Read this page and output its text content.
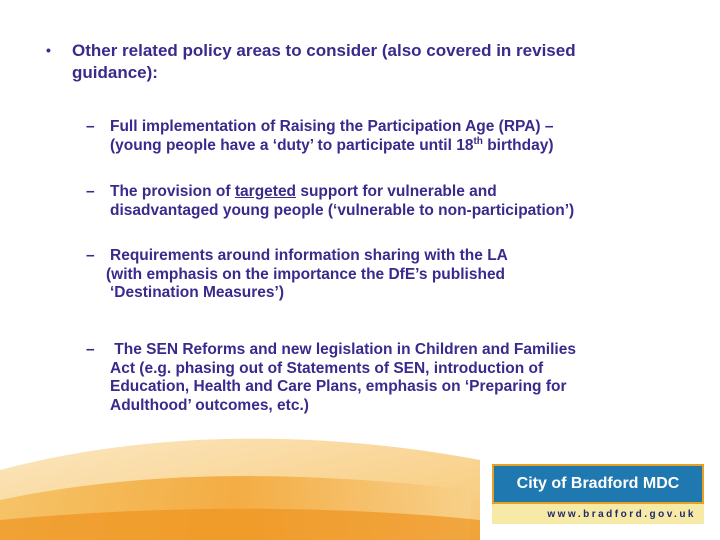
• Other related policy areas to consider (also covered in revised
guidance):
– Full implementation of Raising the Participation Age (RPA) –
(young people have a ‘duty’ to participate until 18th birthday)
– The provision of targeted support for vulnerable and
disadvantaged young people (‘vulnerable to non-participation’)
– Requirements around information sharing with the LA
(with emphasis on the importance the DfE’s published
‘Destination Measures’)
– The SEN Reforms and new legislation in Children and Families
Act (e.g. phasing out of Statements of SEN, introduction of
Education, Health and Care Plans, emphasis on ‘Preparing for
Adulthood’ outcomes, etc.)
City of Bradford MDC
www.bradford.gov.uk
